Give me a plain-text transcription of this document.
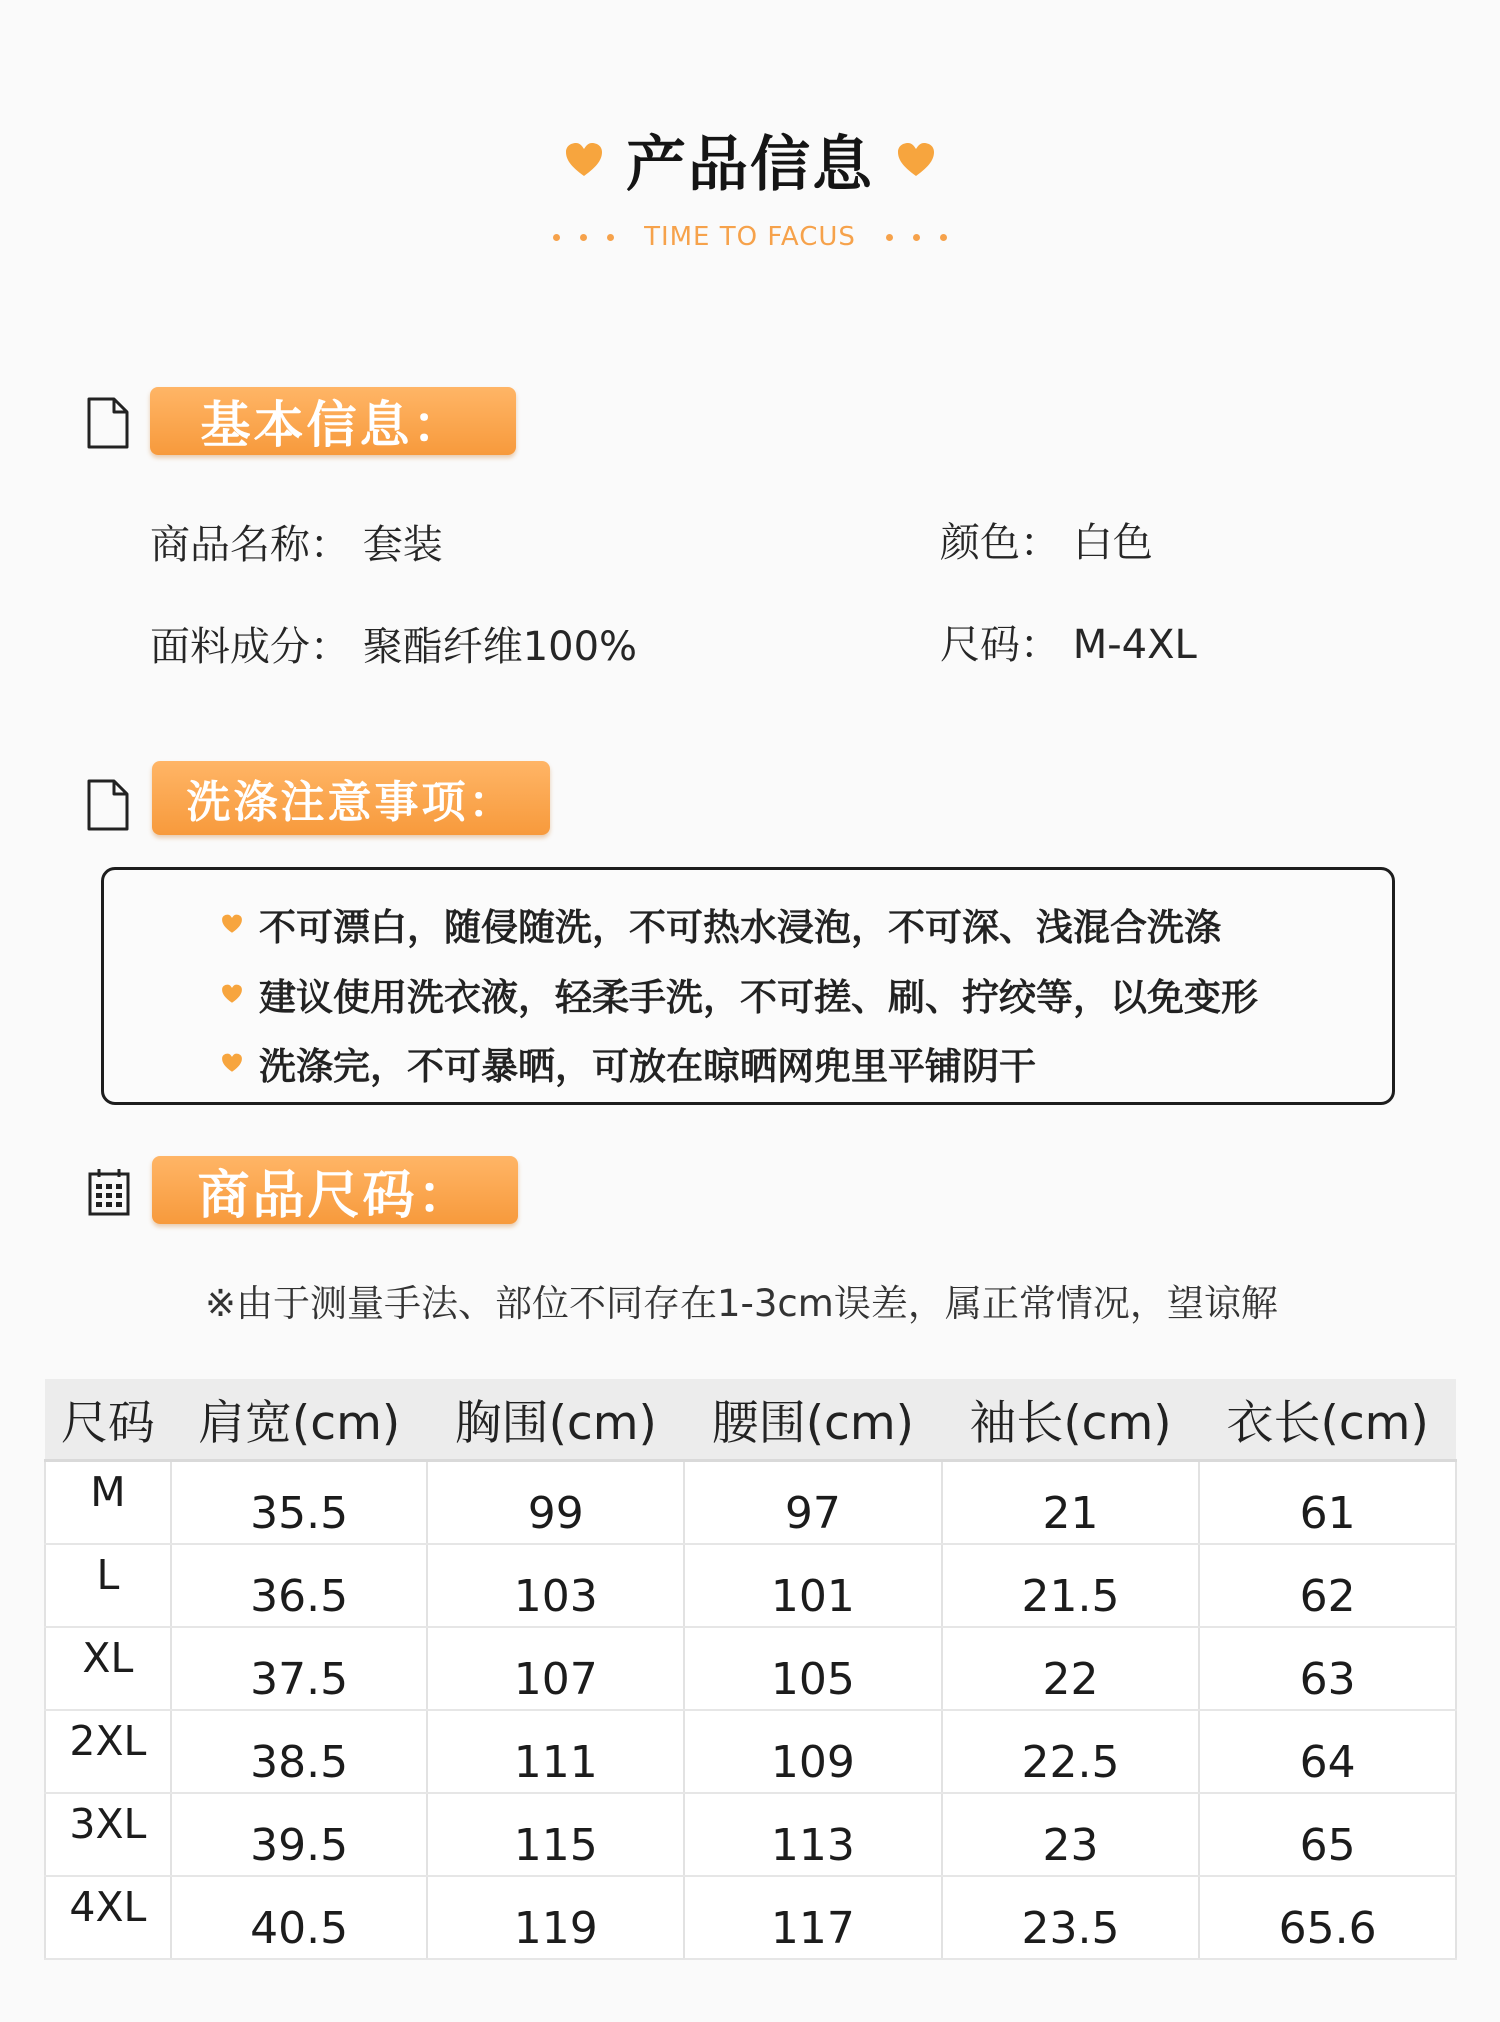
产品信息
TIME TO FACUS
基本信息：
商品名称： 套装	颜色： 白色
面料成分： 聚酯纤维100%	尺码： M-4XL
洗涤注意事项：
不可漂白，随侵随洗，不可热水浸泡，不可深、浅混合洗涤
建议使用洗衣液，轻柔手洗，不可搓、刷、拧绞等，以免变形
洗涤完，不可暴晒，可放在晾晒网兜里平铺阴干
商品尺码：
※由于测量手法、部位不同存在1-3cm误差，属正常情况，望谅解
尺码	肩宽(cm)	胸围(cm)	腰围(cm)	袖长(cm)	衣长(cm)
M	35.5	99	97	21	61
L	36.5	103	101	21.5	62
XL	37.5	107	105	22	63
2XL	38.5	111	109	22.5	64
3XL	39.5	115	113	23	65
4XL	40.5	119	117	23.5	65.6
